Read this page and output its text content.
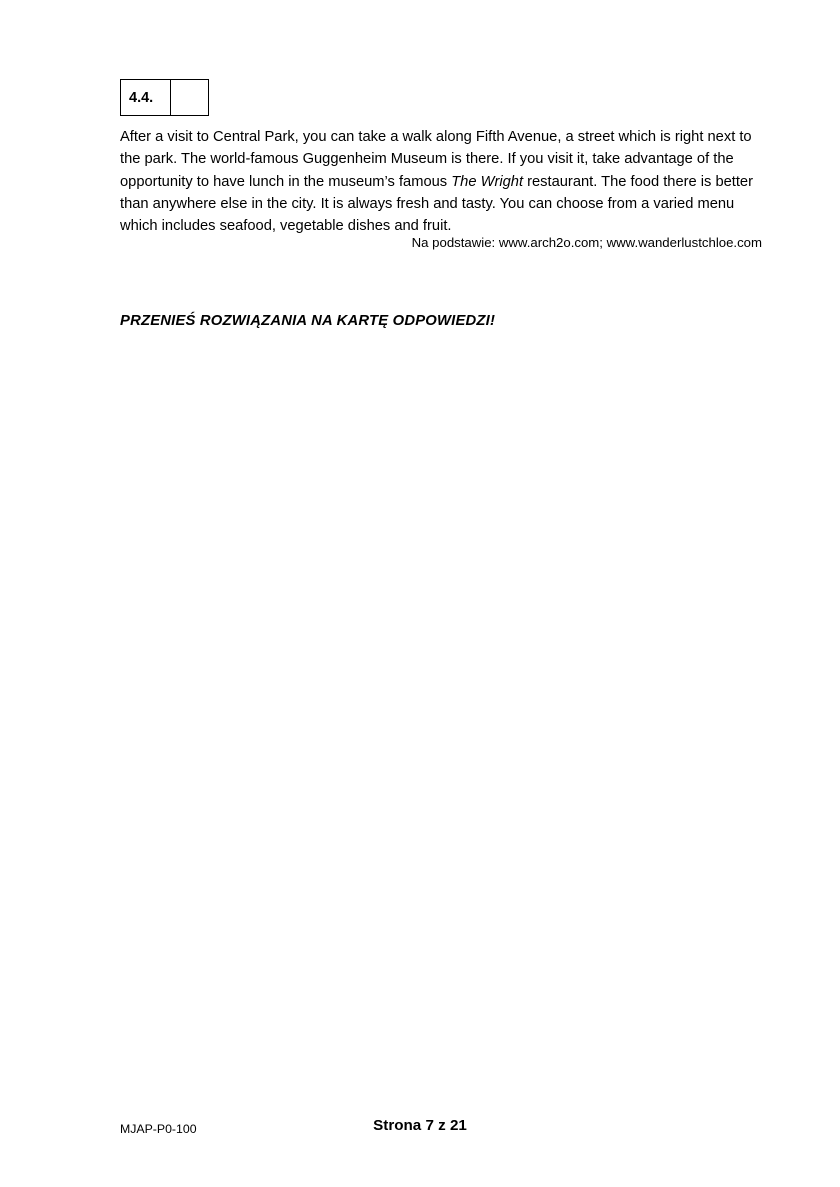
4.4.
After a visit to Central Park, you can take a walk along Fifth Avenue, a street which is right next to the park. The world-famous Guggenheim Museum is there. If you visit it, take advantage of the opportunity to have lunch in the museum’s famous The Wright restaurant. The food there is better than anywhere else in the city. It is always fresh and tasty. You can choose from a varied menu which includes seafood, vegetable dishes and fruit.
Na podstawie: www.arch2o.com; www.wanderlustchloe.com
PRZENIEŚ ROZWIĄZANIA NA KARTĘ ODPOWIEDZI!
MJAP-P0-100	Strona 7 z 21
